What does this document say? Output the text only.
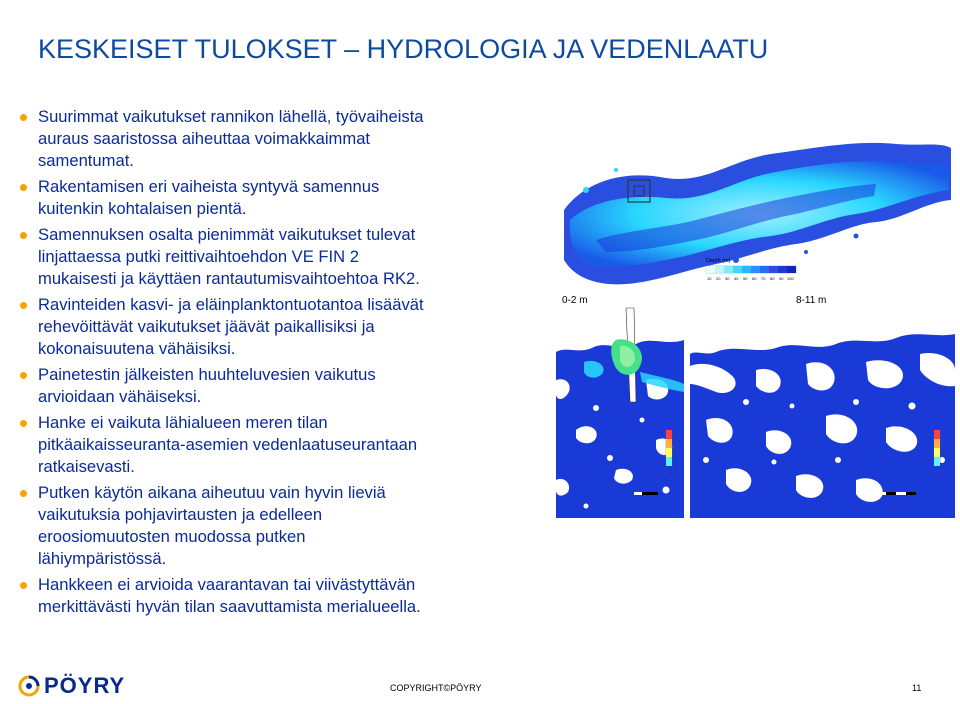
KESKEISET TULOKSET – HYDROLOGIA JA VEDENLAATU
Suurimmat vaikutukset rannikon lähellä, työvaiheista
auraus saaristossa aiheuttaa voimakkaimmat
samentumat.
Rakentamisen eri vaiheista syntyvä samennus
kuitenkin kohtalaisen pientä.
Samennuksen osalta pienimmät vaikutukset tulevat
linjattaessa putki reittivaihtoehdon VE FIN 2
mukaisesti ja käyttäen rantautumisvaihtoehtoa RK2.
Ravinteiden kasvi- ja eläinplanktontuotantoa lisäävät
rehevöittävät vaikutukset jäävät paikallisiksi ja
kokonaisuutena vähäisiksi.
Painetestin jälkeisten huuhteluvesien vaikutus
arvioidaan vähäiseksi.
Hanke ei vaikuta lähialueen meren tilan
pitkäaikaisseuranta-asemien vedenlaatuseurantaan
ratkaisevasti.
Putken käytön aikana aiheutuu vain hyvin lieviä
vaikutuksia pohjavirtausten ja edelleen
eroosiomuutosten muodossa putken
lähiympäristössä.
Hankkeen ei arvioida vaarantavan tai viivästyttävän
merkittävästi hyvän tilan saavuttamista merialueella.
Depth (m)
10 20 30 40 50 60 70 80 90 100
0-2 m	8-11 m
PÖYRY	COPYRIGHT©PÖYRY	11
